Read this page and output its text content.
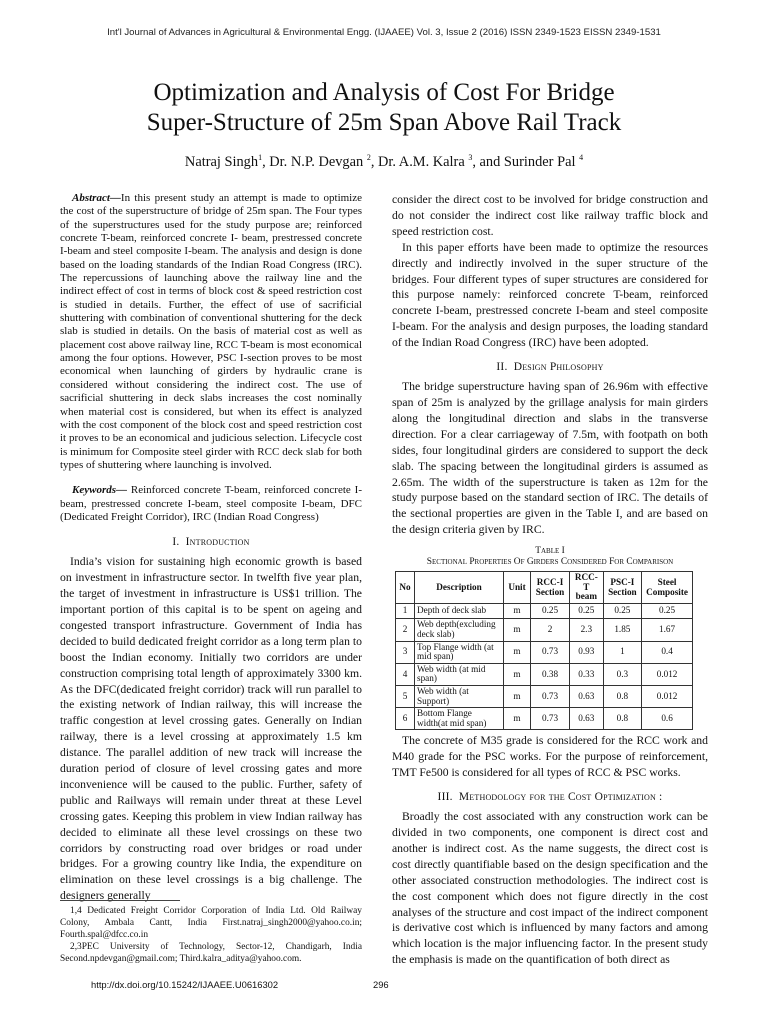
Int'l Journal of Advances in Agricultural & Environmental Engg. (IJAAEE) Vol. 3, Issue 2 (2016) ISSN 2349-1523 EISSN 2349-1531
Optimization and Analysis of Cost For Bridge
Super-Structure of 25m Span Above Rail Track
Natraj Singh$^1$, Dr. N.P. Devgan $^2$, Dr. A.M. Kalra $^3$, and Surinder Pal $^4$

Abstract—In this present study an attempt is made to optimize the cost of the superstructure of bridge of 25m span. The Four types of the superstructures used for the study purpose are; reinforced concrete T-beam, reinforced concrete I- beam, prestressed concrete I-beam and steel composite I-beam. The analysis and design is done based on the loading standards of the Indian Road Congress (IRC). The repercussions of launching above the railway line and the indirect effect of cost in terms of block cost & speed restriction cost is studied in details. Further, the effect of use of sacrificial shuttering with combination of conventional shuttering for the deck slab is studied in details. On the basis of material cost as well as placement cost above railway line, RCC T-beam is most economical among the four options. However, PSC I-section proves to be most economical when launching of girders by hydraulic crane is considered without considering the indirect cost. The use of sacrificial shuttering in deck slabs increases the cost nominally when material cost is considered, but when its effect is analyzed with the cost component of the block cost and speed restriction cost it proves to be an economical and judicious selection. Lifecycle cost is minimum for Composite steel girder with RCC deck slab for both types of shuttering where launching is involved.

Keywords— Reinforced concrete T-beam, reinforced concrete I- beam, prestressed concrete I-beam, steel composite I-beam, DFC (Dedicated Freight Corridor), IRC (Indian Road Congress)

I. Introduction

India’s vision for sustaining high economic growth is based on investment in infrastructure sector. In twelfth five year plan, the target of investment in infrastructure is US$1 trillion. The important portion of this capital is to be spent on ageing and congested transport infrastructure. Government of India has decided to build dedicated freight corridor as a long term plan to boost the Indian economy. Initially two corridors are under construction comprising total length of approximately 3300 km. As the DFC(dedicated freight corridor) track will run parallel to the existing network of Indian railway, this will increase the traffic congestion at level crossing gates. Generally on Indian railway, there is a level crossing at approximately 1.5 km distance. The parallel addition of new track will increase the duration period of closure of level crossing gates and more inconvenience will be caused to the public. Further, safety of public and Railways will remain under threat at these Level crossing gates. Keeping this problem in view Indian railway has decided to eliminate all these level crossings on these two corridors by constructing road over bridges or road under bridges. For a growing country like India, the expenditure on elimination on these level crossings is a big challenge. The designers generally

1,4 Dedicated Freight Corridor Corporation of India Ltd. Old Railway Colony, Ambala Cantt, India First.natraj_singh2000@yahoo.co.in; Fourth.spal@dfcc.co.in

2,3PEC University of Technology, Sector-12, Chandigarh, India Second.npdevgan@gmail.com; Third.kalra_aditya@yahoo.com.

consider the direct cost to be involved for bridge construction and do not consider the indirect cost like railway traffic block and speed restriction cost.

In this paper efforts have been made to optimize the resources directly and indirectly involved in the super structure of the bridges. Four different types of super structures are considered for this purpose namely: reinforced concrete T-beam, reinforced concrete I-beam, prestressed concrete I-beam and steel composite I-beam. For the analysis and design purposes, the loading standard of the Indian Road Congress (IRC) have been adopted.

II. Design Philosophy

The bridge superstructure having span of 26.96m with effective span of 25m is analyzed by the grillage analysis for main girders along the longitudinal direction and slabs in the transverse direction. For a clear carriageway of 7.5m, with footpath on both sides, four longitudinal girders are considered to support the deck slab. The spacing between the longitudinal girders is assumed as 2.65m. The width of the superstructure is taken as 12m for the study purpose based on the standard section of IRC. The details of the sectional properties are given in the Table I, and are based on the design criteria given by IRC.

Table I
Sectional Properties Of Girders Considered For Comparison
No	Description	Unit	RCC-I Section	RCC-T beam	PSC-I Section	Steel Composite
1	Depth of deck slab	m	0.25	0.25	0.25	0.25
2	Web depth(excluding deck slab)	m	2	2.3	1.85	1.67
3	Top Flange width (at mid span)	m	0.73	0.93	1	0.4
4	Web width (at mid span)	m	0.38	0.33	0.3	0.012
5	Web width (at Support)	m	0.73	0.63	0.8	0.012
6	Bottom Flange width(at mid span)	m	0.73	0.63	0.8	0.6

The concrete of M35 grade is considered for the RCC work and M40 grade for the PSC works. For the purpose of reinforcement, TMT Fe500 is considered for all types of RCC & PSC works.

III. Methodology for the Cost Optimization :

Broadly the cost associated with any construction work can be divided in two components, one component is direct cost and another is indirect cost. As the name suggests, the direct cost is cost directly quantifiable based on the design specification and the other associated construction methodologies. The indirect cost is the cost component which does not figure directly in the cost analyses of the structure and cost impact of the indirect component is derivative cost which is influenced by many factors and among which location is the major influencing factor. In the present study the emphasis is made on the quantification of both direct as

http://dx.doi.org/10.15242/IJAAEE.U0616302	296
